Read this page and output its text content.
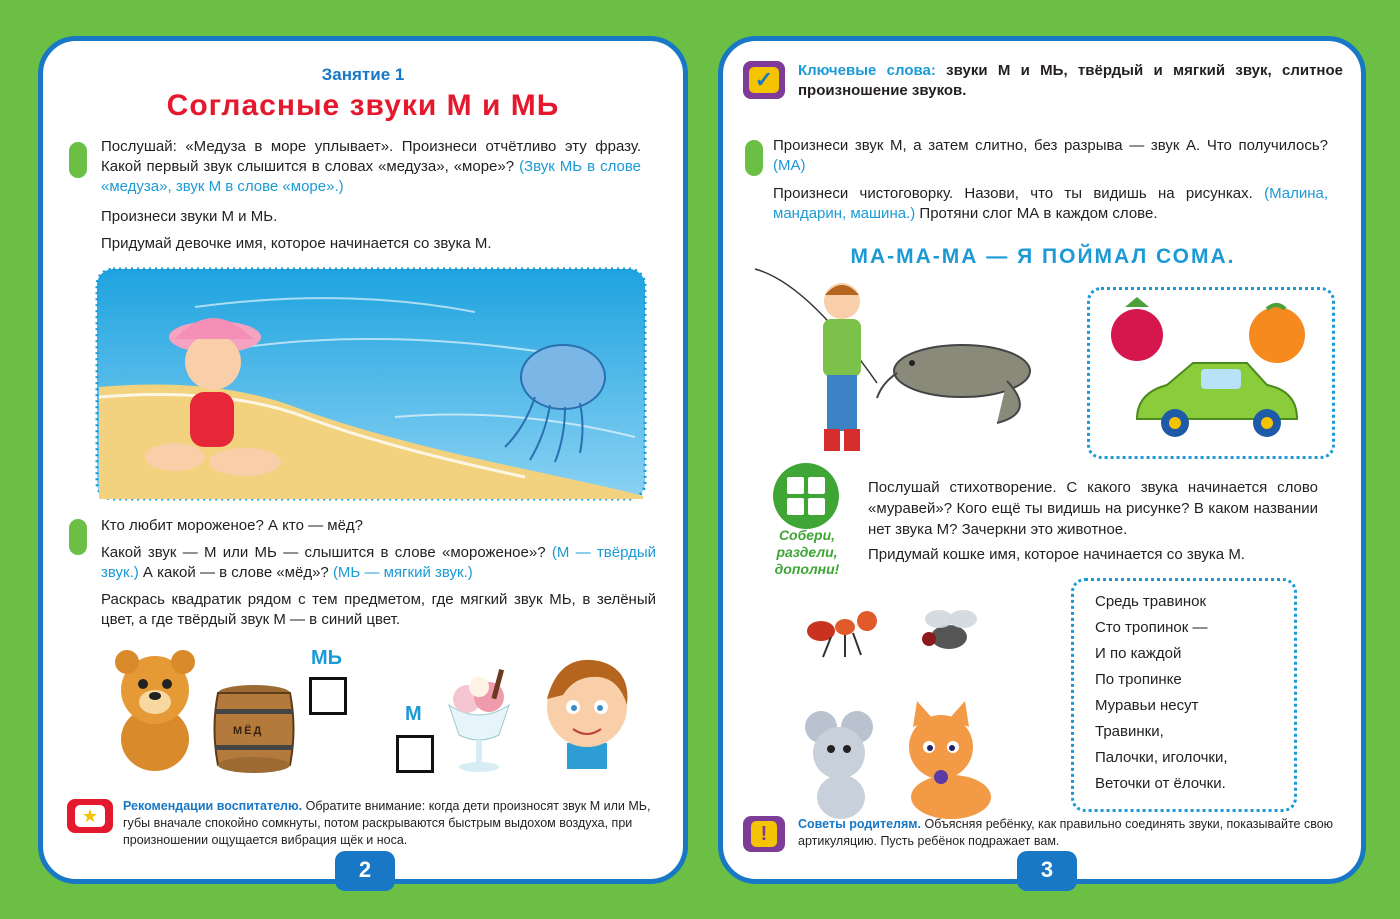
Занятие 1
Согласные звуки М и МЬ
Послушай: «Медуза в море уплывает». Произнеси отчётливо эту фразу. Какой первый звук слышится в словах «медуза», «море»? (Звук МЬ в слове «медуза», звук М в слове «море».)
Произнеси звуки М и МЬ.
Придумай девочке имя, которое начинается со звука М.
Кто любит мороженое? А кто — мёд?
Какой звук — М или МЬ — слышится в слове «мороженое»? (М — твёрдый звук.) А какой — в слове «мёд»? (МЬ — мягкий звук.)
Раскрась квадратик рядом с тем предметом, где мягкий звук МЬ, в зелёный цвет, а где твёрдый звук М — в синий цвет.
МЁД
МЬ
М
★	Рекомендации воспитателю. Обратите внимание: когда дети произносят звук М или МЬ, губы вначале спокойно сомкнуты, потом раскрываются быстрым выдохом воздуха, при произношении ощущается вибрация щёк и носа.
2
✓	Ключевые слова: звуки М и МЬ, твёрдый и мягкий звук, слитное произношение звуков.
Произнеси звук М, а затем слитно, без разрыва — звук А. Что получилось? (МА)
Произнеси чистоговорку. Назови, что ты видишь на рисунках. (Малина, мандарин, машина.) Протяни слог МА в каждом слове.
МА-МА-МА — Я ПОЙМАЛ СОМА.
Собери, раздели, дополни!
Послушай стихотворение. С какого звука начинается слово «муравей»? Кого ещё ты видишь на рисунке? В каком названии нет звука М? Зачеркни это животное.
Придумай кошке имя, которое начинается со звука М.
Средь травинок
Сто тропинок —
И по каждой
По тропинке
Муравьи несут
Травинки,
Палочки, иголочки,
Веточки от ёлочки.
!	Советы родителям. Объясняя ребёнку, как правильно соединять звуки, показывайте свою артикуляцию. Пусть ребёнок подражает вам.
3
